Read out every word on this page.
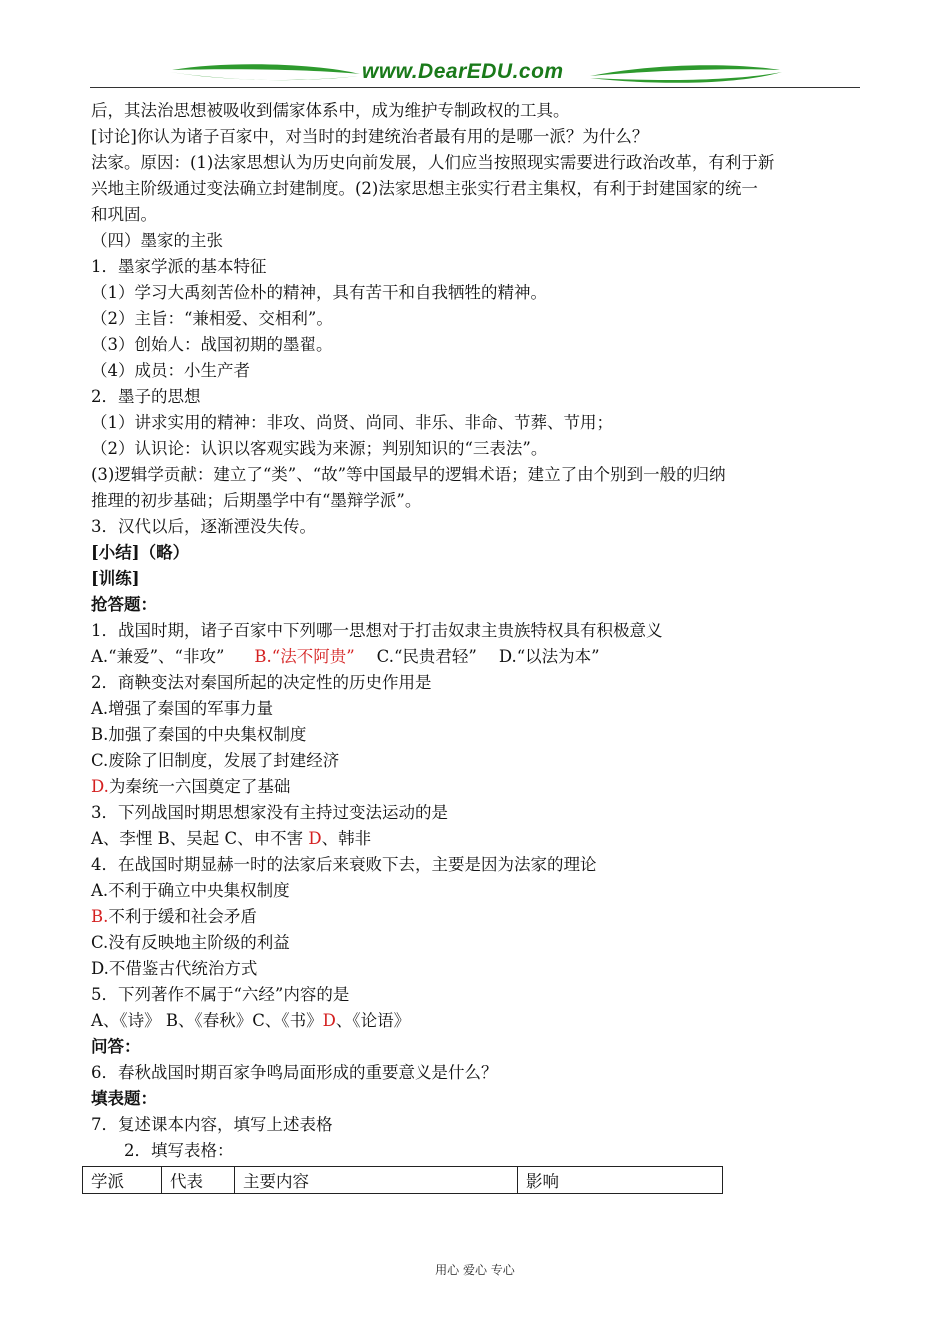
www.DearEDU.com
后，其法治思想被吸收到儒家体系中，成为维护专制政权的工具。
[讨论]你认为诸子百家中，对当时的封建统治者最有用的是哪一派？为什么？
法家。原因：(1)法家思想认为历史向前发展，人们应当按照现实需要进行政治改革，有利于新
兴地主阶级通过变法确立封建制度。(2)法家思想主张实行君主集权，有利于封建国家的统一
和巩固。
（四）墨家的主张
1．墨家学派的基本特征
（1）学习大禹刻苦俭朴的精神，具有苦干和自我牺牲的精神。
（2）主旨：“兼相爱、交相利”。
（3）创始人：战国初期的墨翟。
（4）成员：小生产者
2．墨子的思想
（1）讲求实用的精神：非攻、尚贤、尚同、非乐、非命、节葬、节用；
（2）认识论：认识以客观实践为来源；判别知识的“三表法”。
(3)逻辑学贡献：建立了“类”、“故”等中国最早的逻辑术语；建立了由个别到一般的归纳
推理的初步基础；后期墨学中有“墨辩学派”。
3．汉代以后，逐渐湮没失传。
[小结]（略）
[训练]
抢答题：
1．战国时期，诸子百家中下列哪一思想对于打击奴隶主贵族特权具有积极意义
A.“兼爱”、“非攻” B.“法不阿贵” C.“民贵君轻” D.“以法为本”
2．商鞅变法对秦国所起的决定性的历史作用是
A.增强了秦国的军事力量
B.加强了秦国的中央集权制度
C.废除了旧制度，发展了封建经济
D.为秦统一六国奠定了基础
3．下列战国时期思想家没有主持过变法运动的是
A、李悝 B、吴起 C、申不害 D、韩非
4．在战国时期显赫一时的法家后来衰败下去，主要是因为法家的理论
A.不利于确立中央集权制度
B.不利于缓和社会矛盾
C.没有反映地主阶级的利益
D.不借鉴古代统治方式
5．下列著作不属于“六经”内容的是
A、《诗》 B、《春秋》C、《书》D、《论语》
问答：
6．春秋战国时期百家争鸣局面形成的重要意义是什么？
填表题：
7．复述课本内容，填写上述表格
　　2．填写表格：
学派	代表	主要内容	影响
用心 爱心 专心
